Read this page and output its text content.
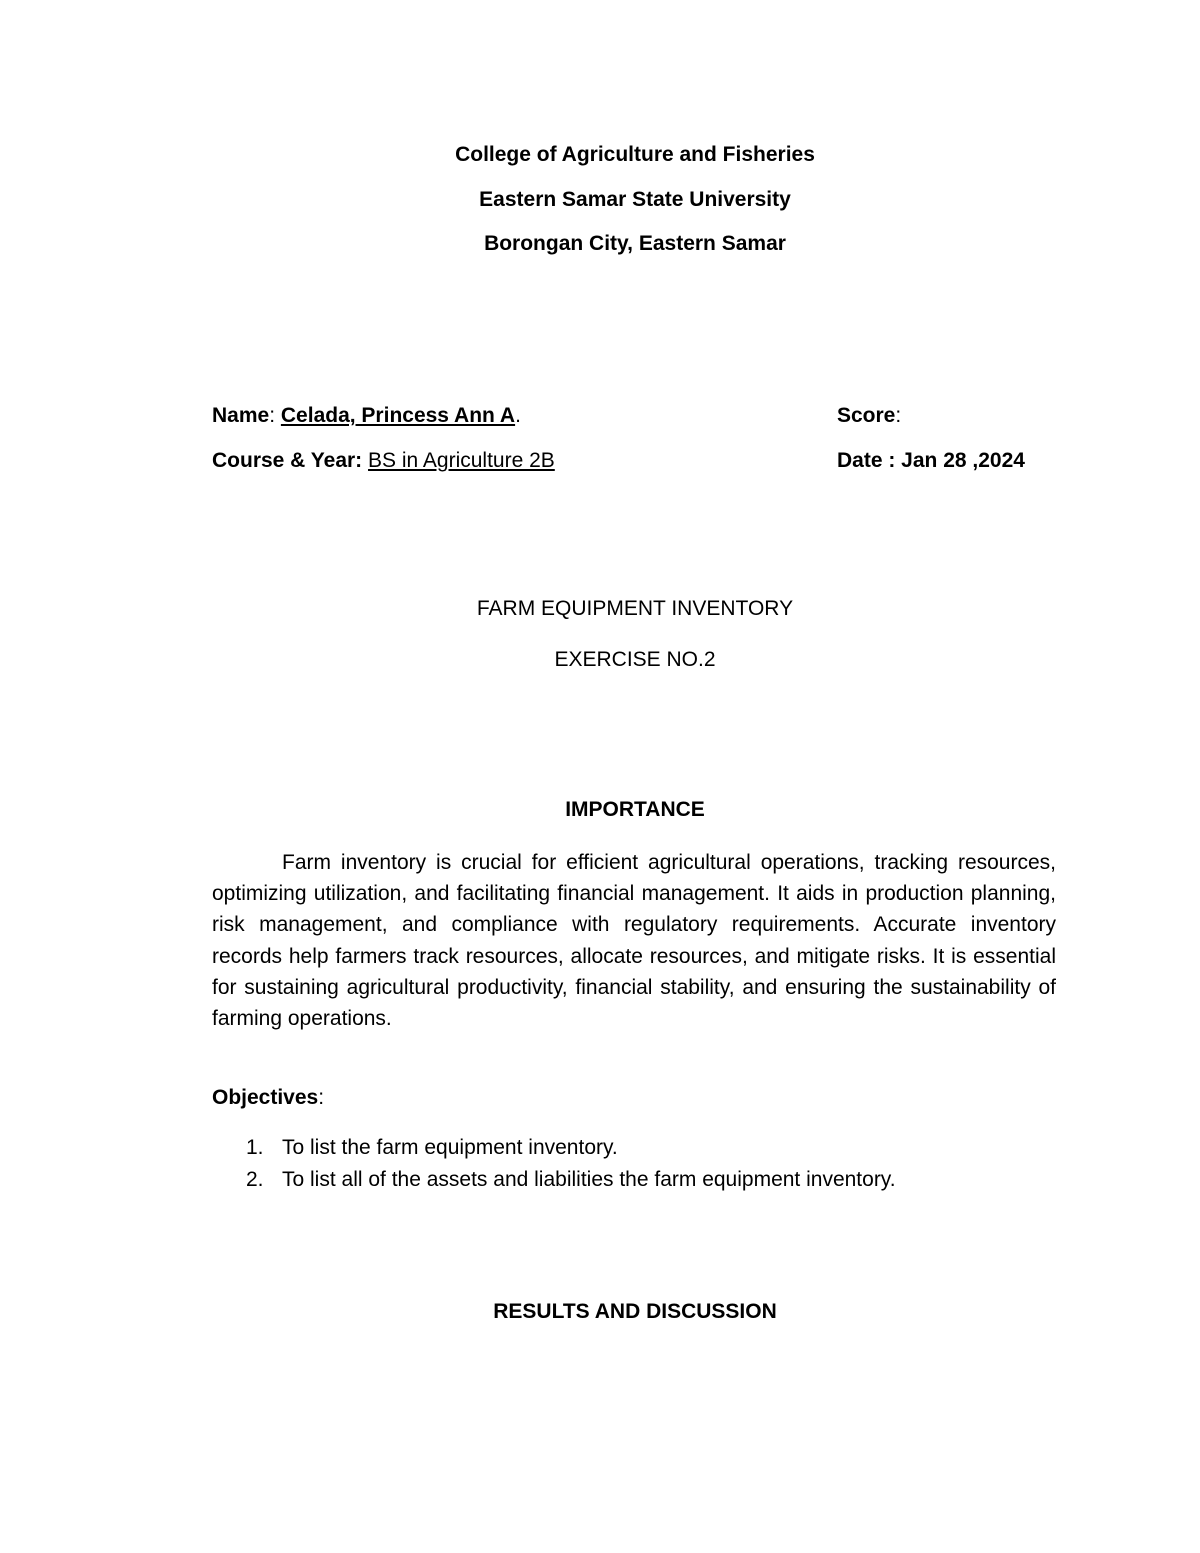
College of Agriculture and Fisheries
Eastern Samar State University
Borongan City, Eastern Samar
Name: Celada, Princess Ann A.
Course & Year: BS in Agriculture 2B
Score:
Date : Jan 28 ,2024
FARM EQUIPMENT INVENTORY
EXERCISE NO.2
IMPORTANCE

Farm inventory is crucial for efficient agricultural operations, tracking resources, optimizing utilization, and facilitating financial management. It aids in production planning, risk management, and compliance with regulatory requirements. Accurate inventory records help farmers track resources, allocate resources, and mitigate risks. It is essential for sustaining agricultural productivity, financial stability, and ensuring the sustainability of farming operations.

Objectives:
1. To list the farm equipment inventory.
2. To list all of the assets and liabilities the farm equipment inventory.
RESULTS AND DISCUSSION
